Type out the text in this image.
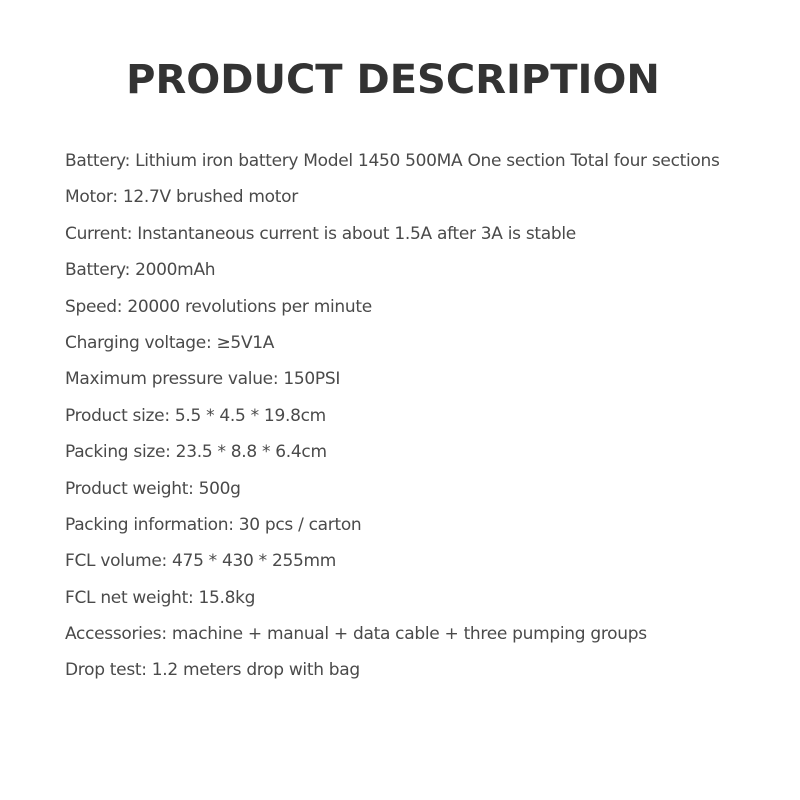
PRODUCT DESCRIPTION
Battery: Lithium iron battery Model 1450 500MA One section Total four sections
Motor: 12.7V brushed motor
Current: Instantaneous current is about 1.5A after 3A is stable
Battery: 2000mAh
Speed: 20000 revolutions per minute
Charging voltage: ≥5V1A
Maximum pressure value: 150PSI
Product size: 5.5 * 4.5 * 19.8cm
Packing size: 23.5 * 8.8 * 6.4cm
Product weight: 500g
Packing information: 30 pcs / carton
FCL volume: 475 * 430 * 255mm
FCL net weight: 15.8kg
Accessories: machine + manual + data cable + three pumping groups
Drop test: 1.2 meters drop with bag
